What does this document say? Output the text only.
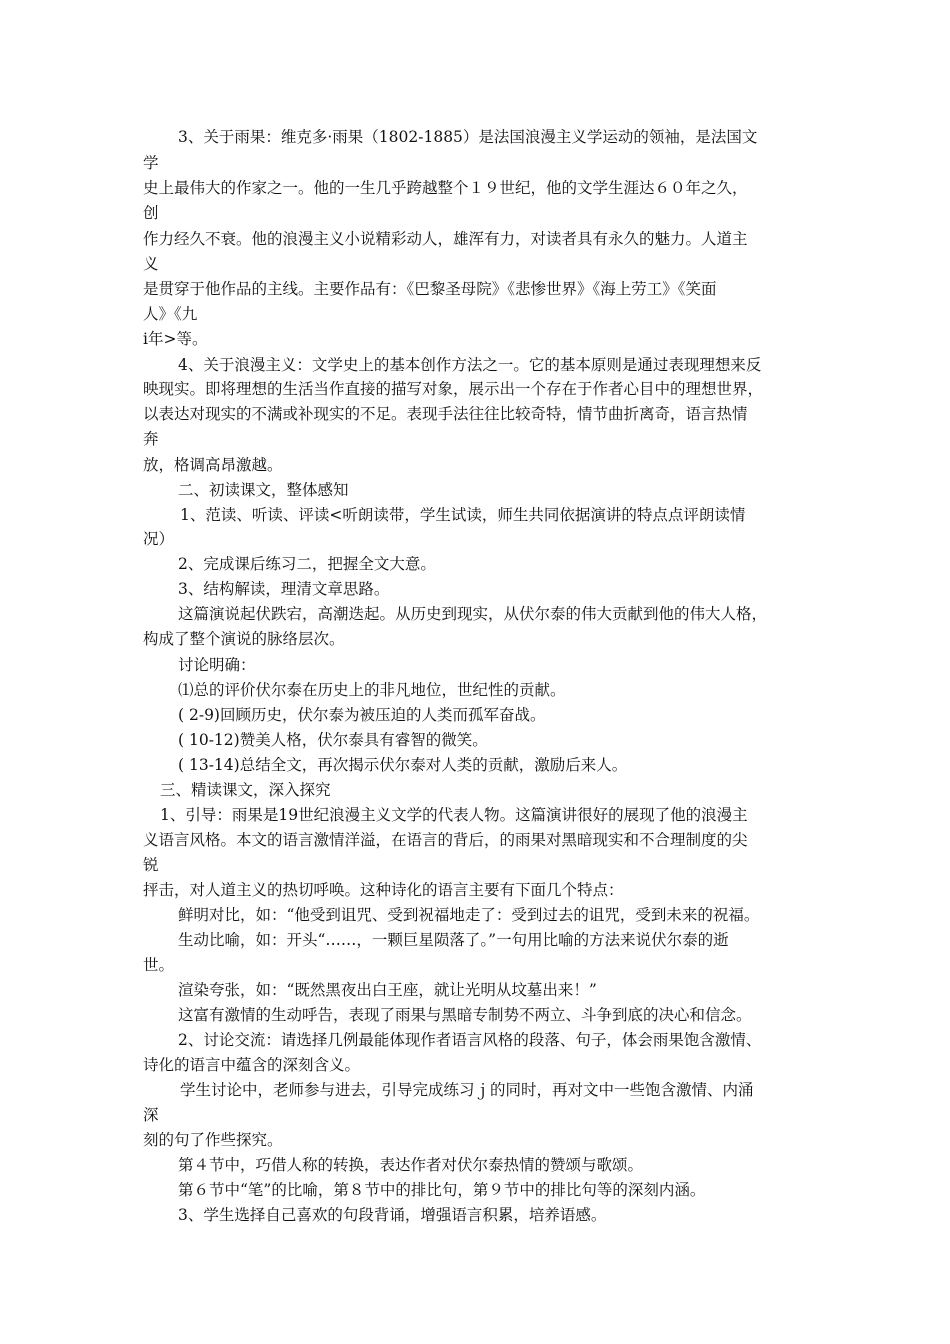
3、关于雨果：维克多·雨果（1802-1885）是法国浪漫主义学运动的领袖，是法国文
学
史上最伟大的作家之一。他的一生几乎跨越整个１９世纪，他的文学生涯达６０年之久，
创
作力经久不衰。他的浪漫主义小说精彩动人，雄浑有力，对读者具有永久的魅力。人道主
义
是贯穿于他作品的主线。主要作品有：《巴黎圣母院》《悲惨世界》《海上劳工》《笑面
人》《九
i年>等。
4、关于浪漫主义：文学史上的基本创作方法之一。它的基本原则是通过表现理想来反
映现实。即将理想的生活当作直接的描写对象，展示出一个存在于作者心目中的理想世界，
以表达对现实的不满或补现实的不足。表现手法往往比较奇特，情节曲折离奇，语言热情
奔
放，格调高昂激越。
二、初读课文，整体感知
1、范读、听读、评读<听朗读带，学生试读，师生共同依据演讲的特点点评朗读情
况）
2、完成课后练习二，把握全文大意。
3、结构解读，理清文章思路。
这篇演说起伏跌宕，高潮迭起。从历史到现实，从伏尔泰的伟大贡献到他的伟大人格，
构成了整个演说的脉络层次。
讨论明确：
⑴总的评价伏尔泰在历史上的非凡地位，世纪性的贡献。
( 2-9)回顾历史，伏尔泰为被压迫的人类而孤军奋战。
( 10-12)赞美人格，伏尔泰具有睿智的微笑。
( 13-14)总结全文，再次揭示伏尔泰对人类的贡献，激励后来人。
三、精读课文，深入探究
1、引导：雨果是19世纪浪漫主义文学的代表人物。这篇演讲很好的展现了他的浪漫主
义语言风格。本文的语言激情洋溢，在语言的背后，的雨果对黑暗现实和不合理制度的尖
锐
抨击，对人道主义的热切呼唤。这种诗化的语言主要有下面几个特点：
鲜明对比，如：“他受到诅咒、受到祝福地走了：受到过去的诅咒，受到未来的祝福。
生动比喻，如：开头“……，一颗巨星陨落了。”一句用比喻的方法来说伏尔泰的逝
世。
渲染夸张，如：“既然黑夜出白王座，就让光明从坟墓出来！”
这富有激情的生动呼告，表现了雨果与黑暗专制势不两立、斗争到底的决心和信念。
2、讨论交流：请选择几例最能体现作者语言风格的段落、句子，体会雨果饱含激情、
诗化的语言中蕴含的深刻含义。
学生讨论中，老师参与进去，引导完成练习ｊ的同时，再对文中一些饱含激情、内涌
深
刻的句了作些探究。
第４节中，巧借人称的转换，表达作者对伏尔泰热情的赞颂与歌颂。
第６节中“笔”的比喻，第８节中的排比句，第９节中的排比句等的深刻内涵。
3、学生选择自己喜欢的句段背诵，增强语言积累，培养语感。
